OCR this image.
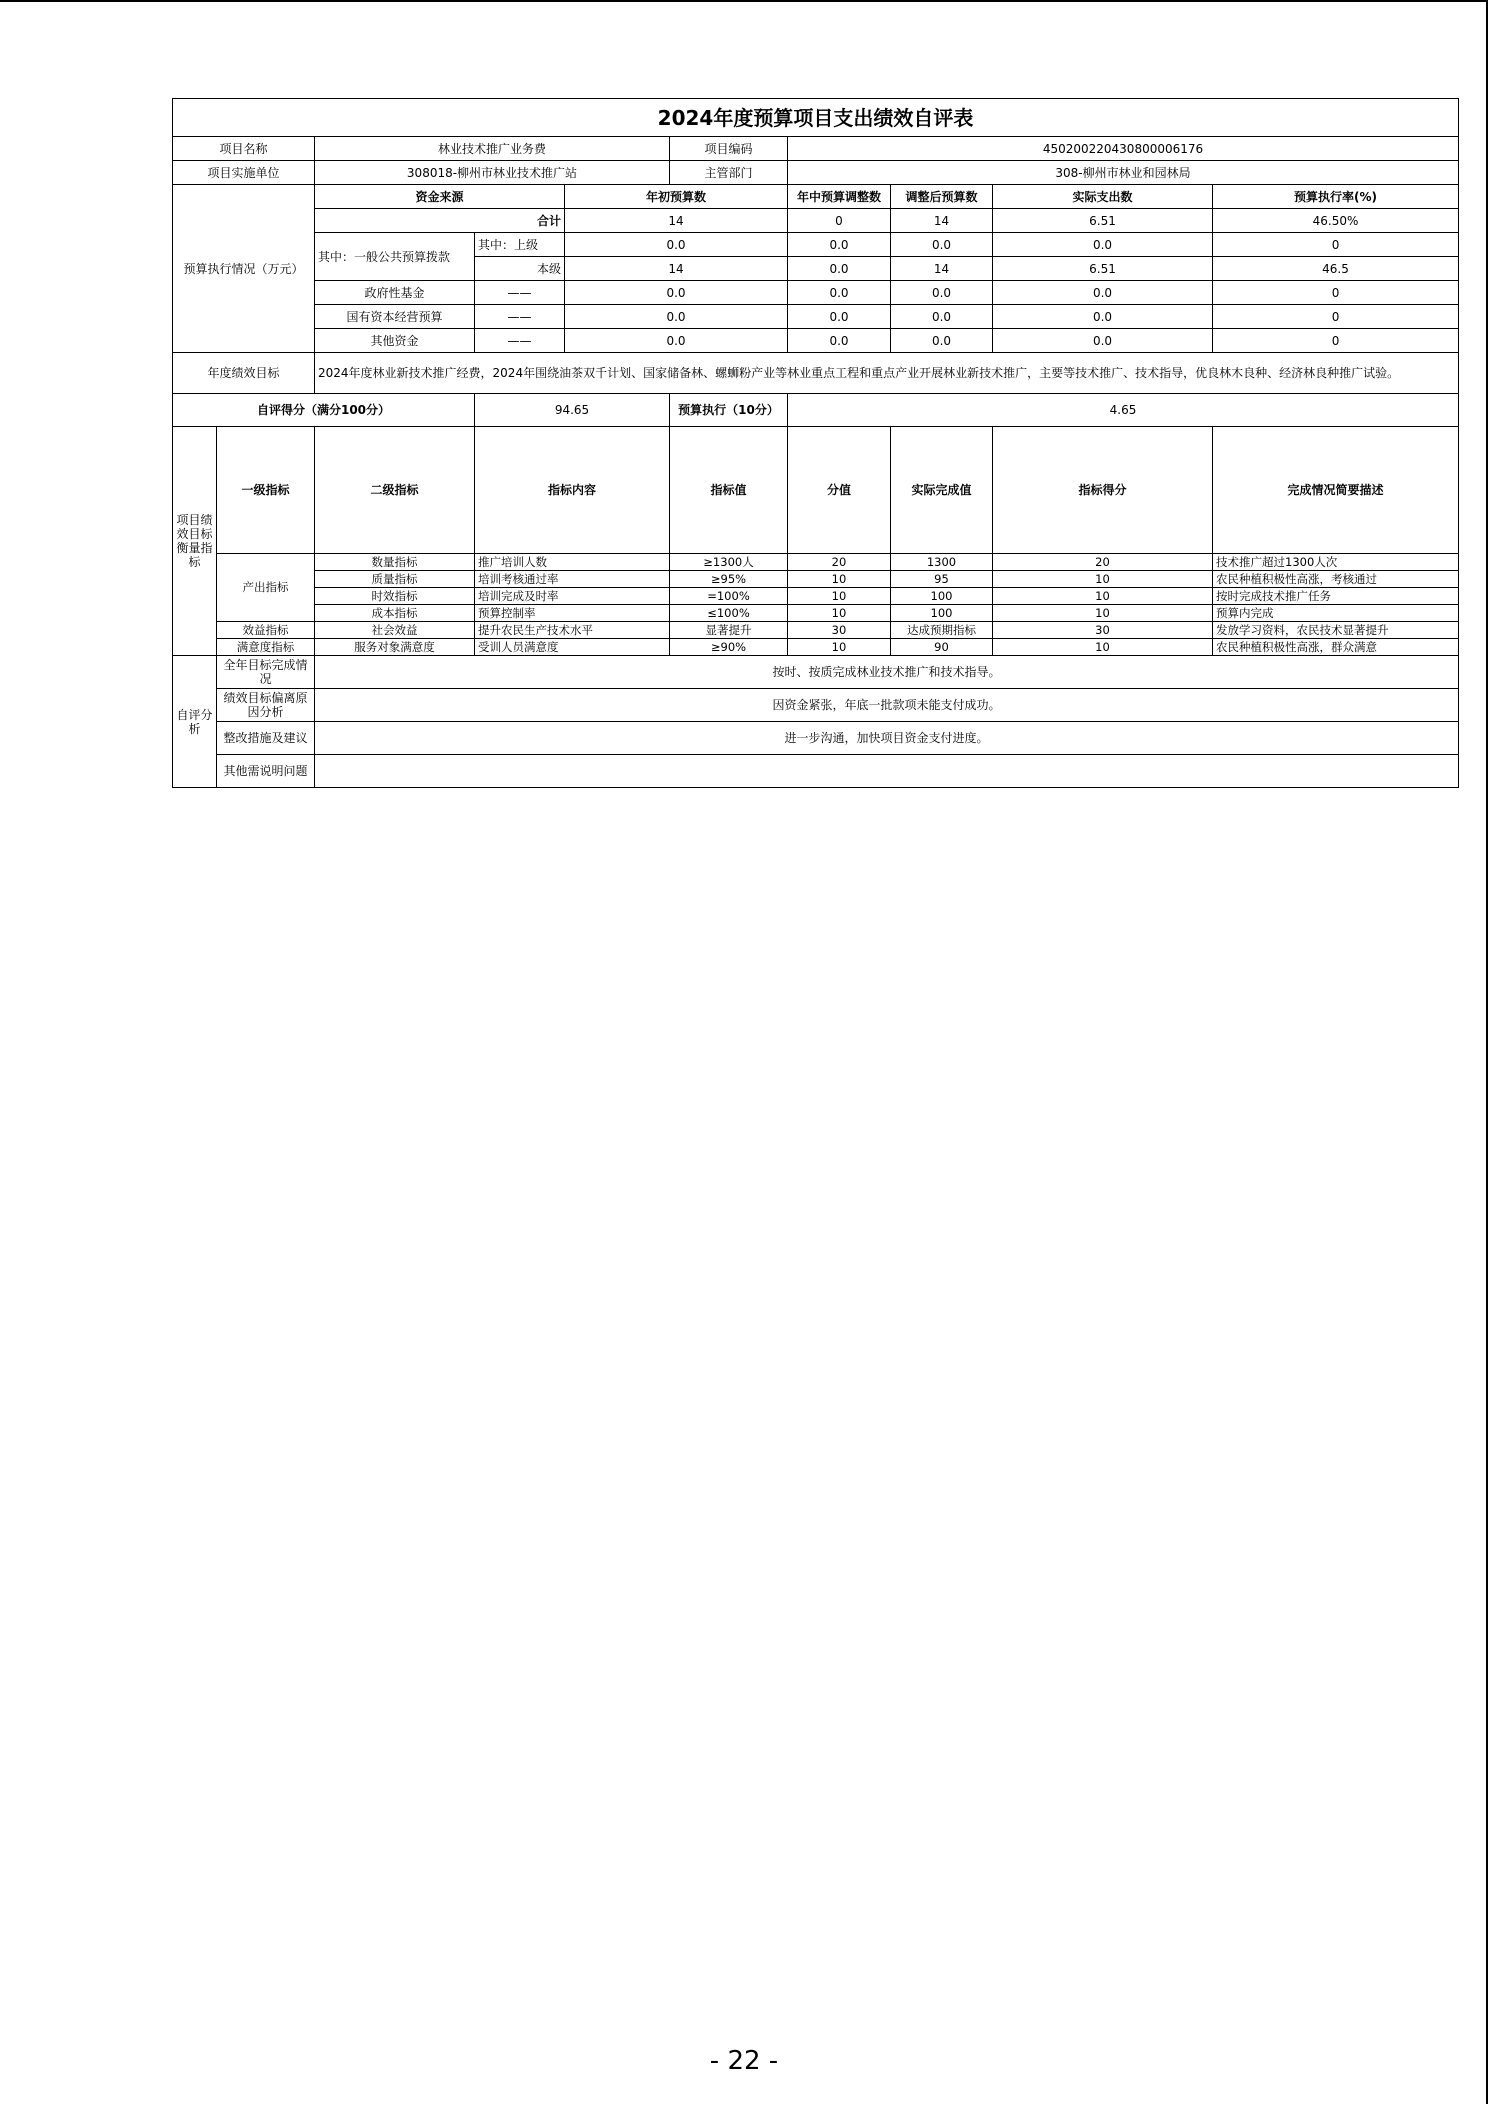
2024年度预算项目支出绩效自评表										
项目名称		林业技术推广业务费			项目编码	450200220430800006176				
项目实施单位		308018-柳州市林业技术推广站			主管部门	308-柳州市林业和园林局				
预算执行情况（万元）		资金来源		年初预算数		年中预算调整数	调整后预算数	实际支出数	预算执行率(%)	
		合计		14		0	14	6.51	46.50%	
		其中：一般公共预算拨款	其中：上级	0.0		0.0	0.0	0.0	0	
			本级	14		0.0	14	6.51	46.5	
		政府性基金	——	0.0		0.0	0.0	0.0	0	
		国有资本经营预算	——	0.0		0.0	0.0	0.0	0	
		其他资金	——	0.0		0.0	0.0	0.0	0	
年度绩效目标		2024年度林业新技术推广经费，2024年围绕油茶双千计划、国家储备林、螺蛳粉产业等林业重点工程和重点产业开展林业新技术推广，主要等技术推广、技术指导，优良林木良种、经济林良种推广试验。								
自评得分（满分100分）			94.65		预算执行（10分）	4.65				
项目绩效目标衡量指标	一级指标	二级指标	指标内容		指标值	分值	实际完成值	指标得分	完成情况简要描述	
	产出指标	数量指标	推广培训人数		≥1300人	20	1300	20	技术推广超过1300人次	
		质量指标	培训考核通过率		≥95%	10	95	10	农民种植积极性高涨，考核通过	
		时效指标	培训完成及时率		=100%	10	100	10	按时完成技术推广任务	
		成本指标	预算控制率		≤100%	10	100	10	预算内完成	
	效益指标	社会效益	提升农民生产技术水平		显著提升	30	达成预期指标	30	发放学习资料，农民技术显著提升	
	满意度指标	服务对象满意度	受训人员满意度		≥90%	10	90	10	农民种植积极性高涨，群众满意	
自评分析	全年目标完成情况	按时、按质完成林业技术推广和技术指导。								
	绩效目标偏离原因分析	因资金紧张，年底一批款项未能支付成功。								
	整改措施及建议	进一步沟通，加快项目资金支付进度。								
	其他需说明问题									
- 22 -
